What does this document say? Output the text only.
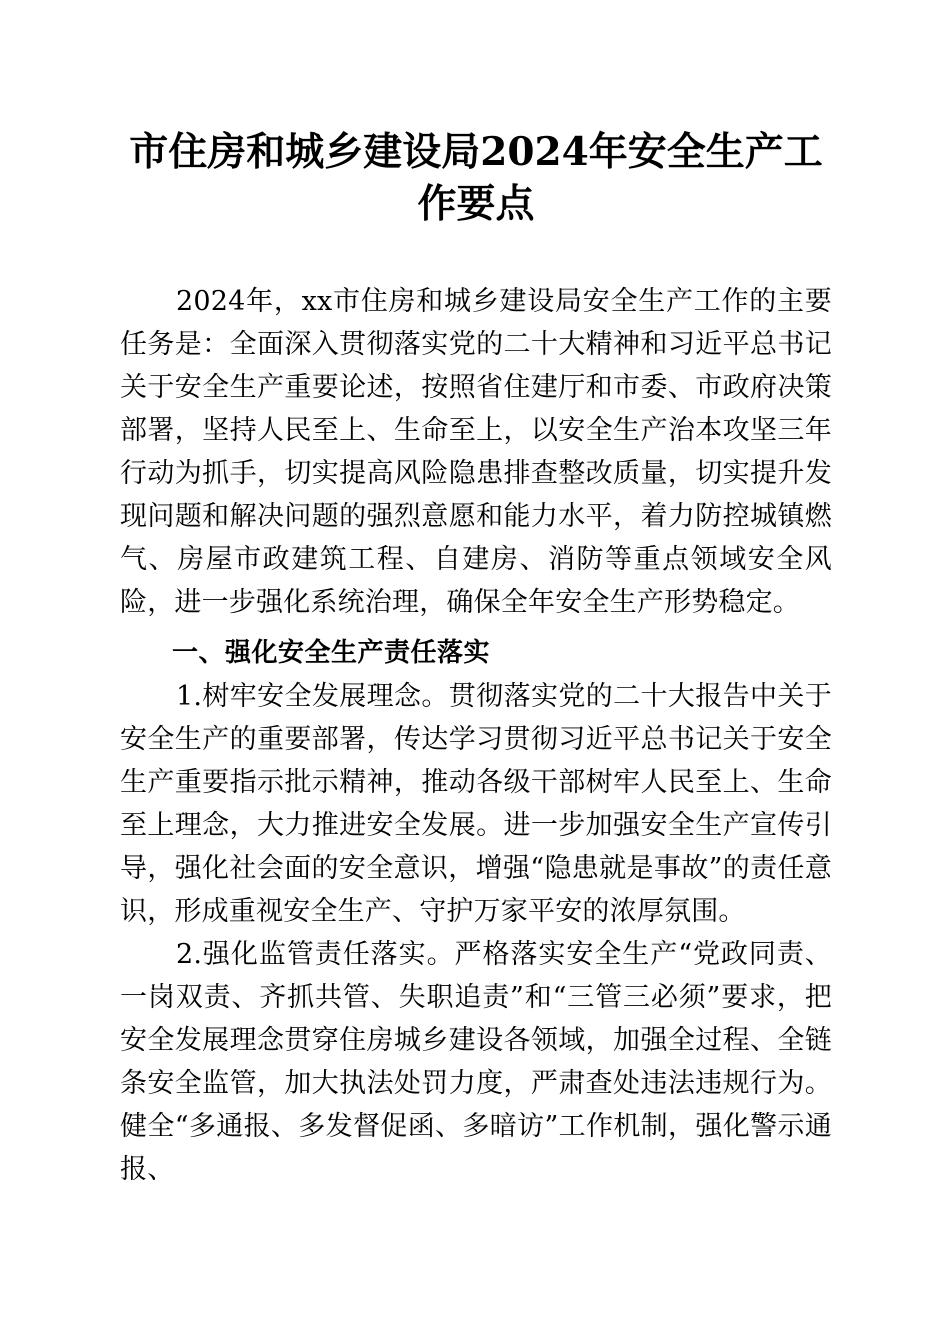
市住房和城乡建设局2024年安全生产工作要点

2024年，xx市住房和城乡建设局安全生产工作的主要任务是：全面深入贯彻落实党的二十大精神和习近平总书记关于安全生产重要论述，按照省住建厅和市委、市政府决策部署，坚持人民至上、生命至上，以安全生产治本攻坚三年行动为抓手，切实提高风险隐患排查整改质量，切实提升发现问题和解决问题的强烈意愿和能力水平，着力防控城镇燃气、房屋市政建筑工程、自建房、消防等重点领域安全风险，进一步强化系统治理，确保全年安全生产形势稳定。

一、强化安全生产责任落实

1.树牢安全发展理念。贯彻落实党的二十大报告中关于安全生产的重要部署，传达学习贯彻习近平总书记关于安全生产重要指示批示精神，推动各级干部树牢人民至上、生命至上理念，大力推进安全发展。进一步加强安全生产宣传引导，强化社会面的安全意识，增强“隐患就是事故”的责任意识，形成重视安全生产、守护万家平安的浓厚氛围。

2.强化监管责任落实。严格落实安全生产“党政同责、一岗双责、齐抓共管、失职追责”和“三管三必须”要求，把安全发展理念贯穿住房城乡建设各领域，加强全过程、全链条安全监管，加大执法处罚力度，严肃查处违法违规行为。健全“多通报、多发督促函、多暗访”工作机制，强化警示通报、
